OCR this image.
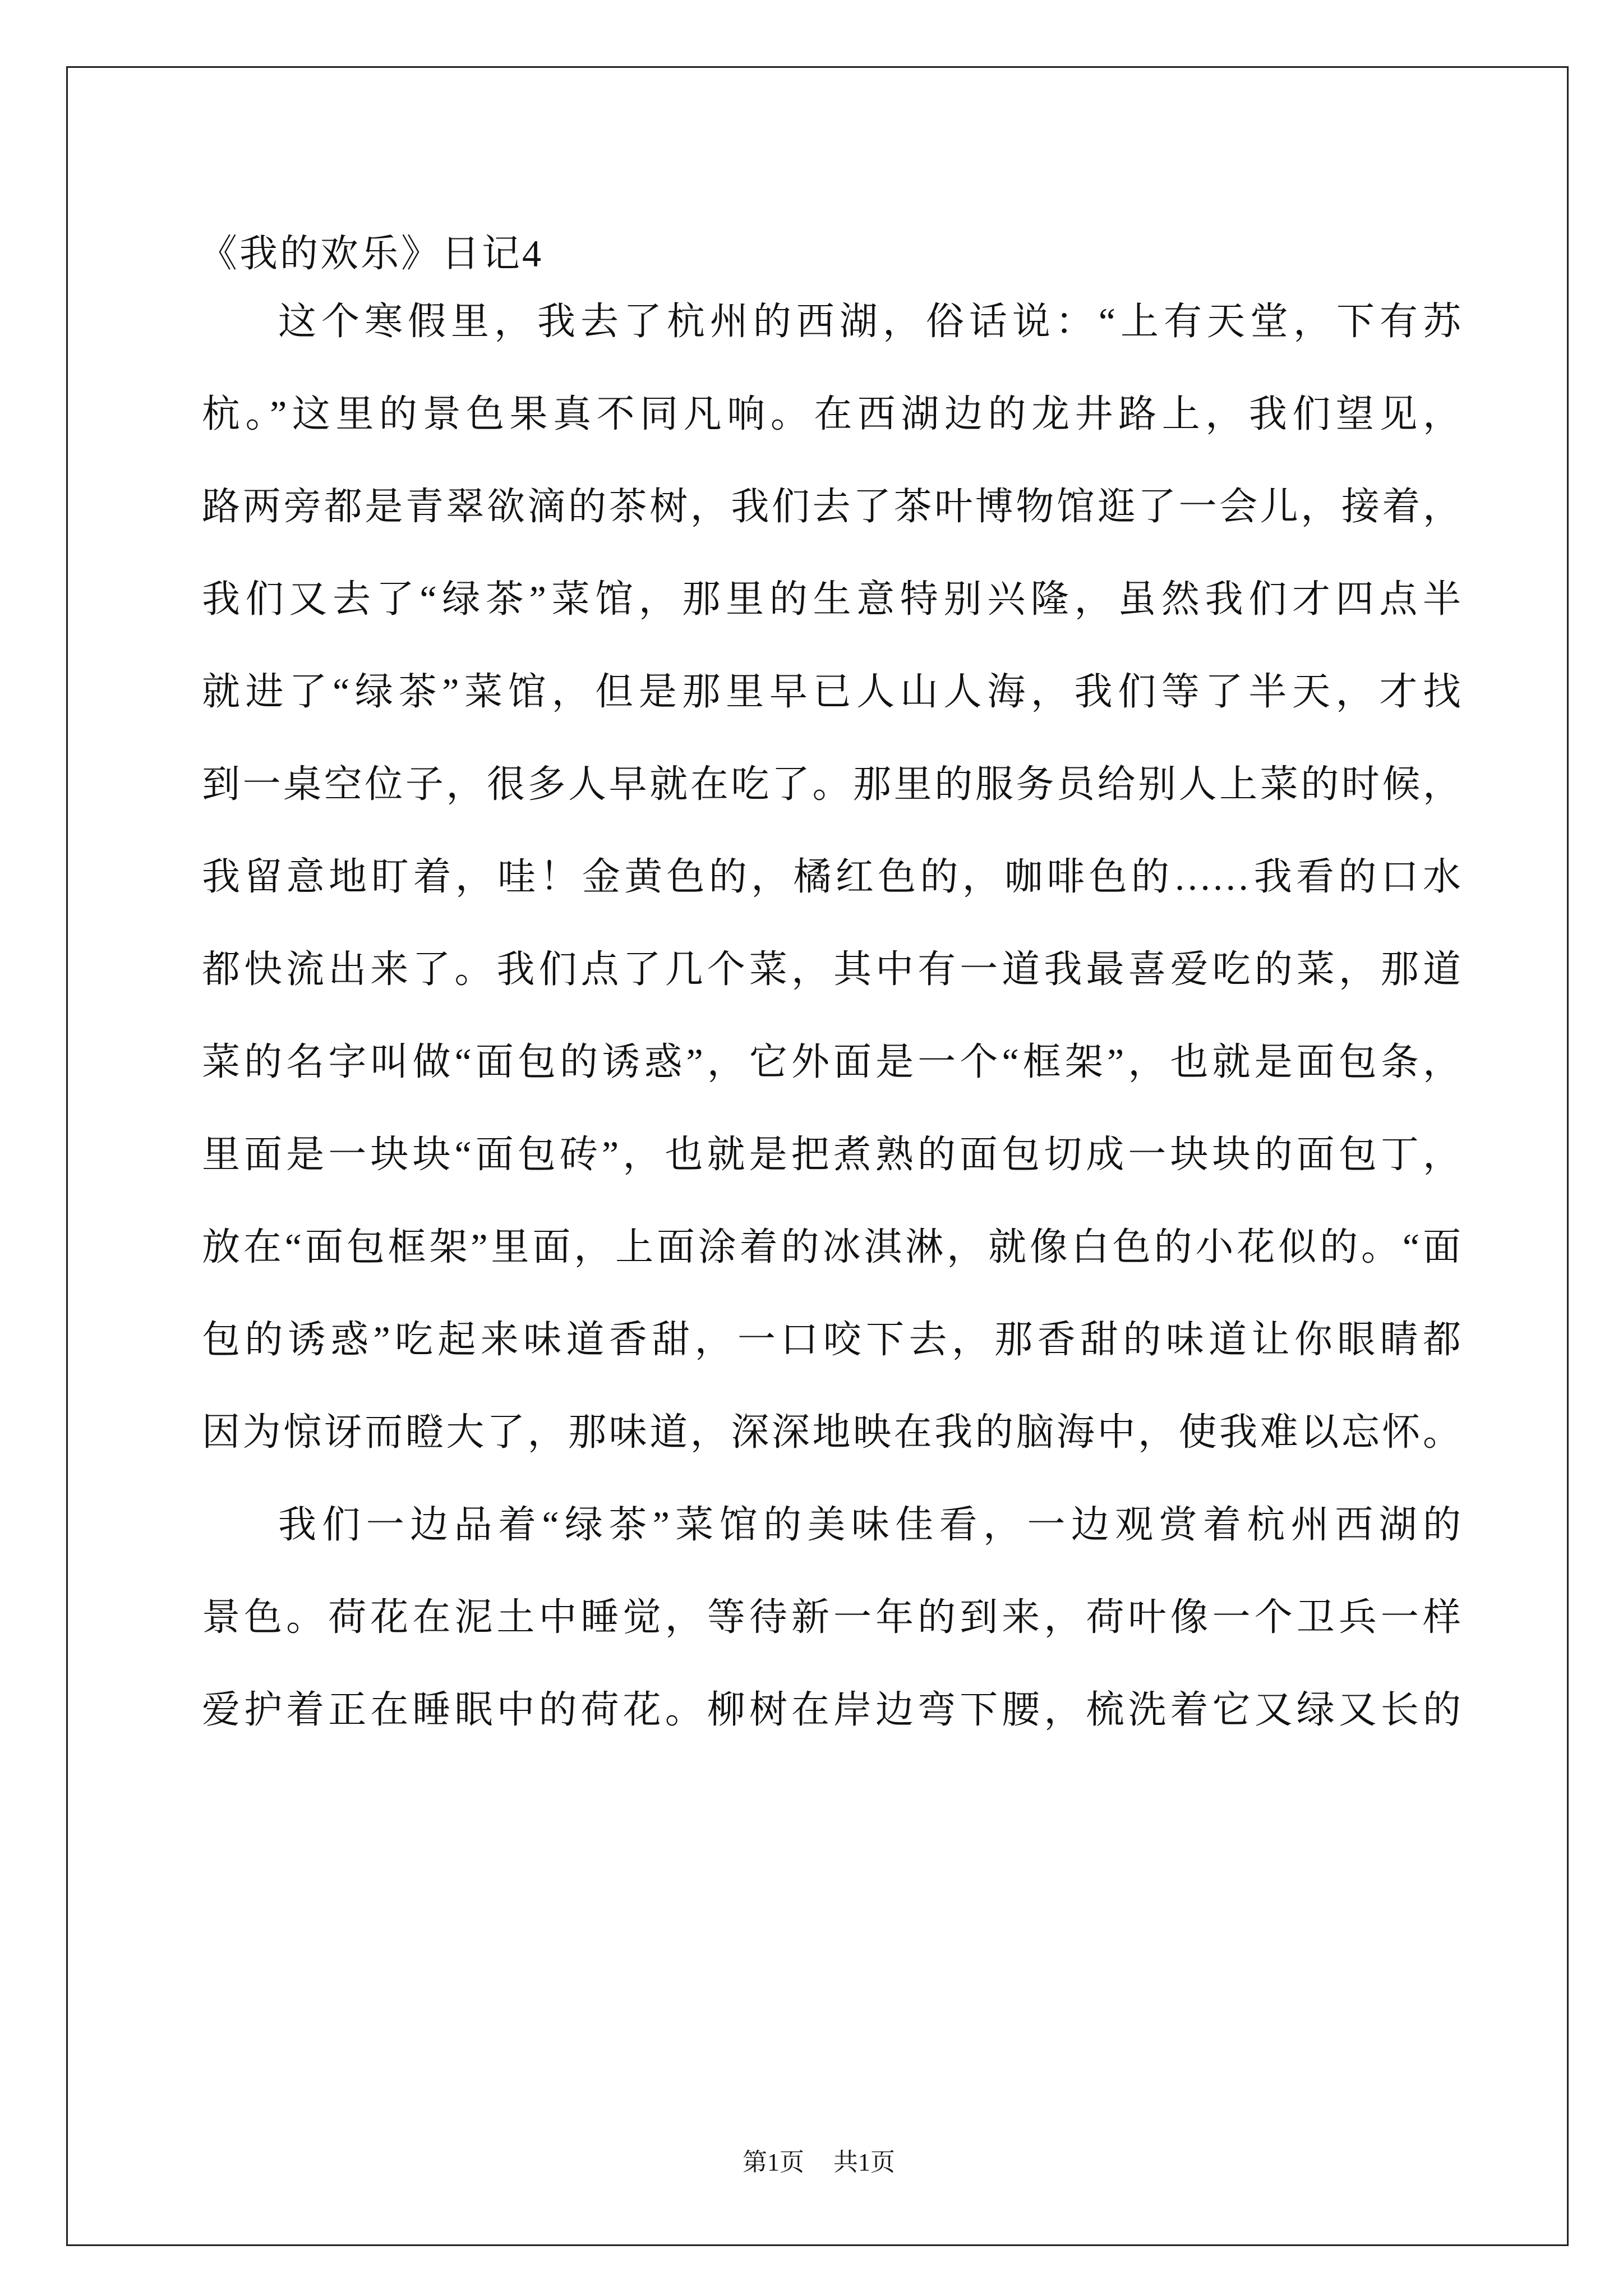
《我的欢乐》日记4
这个寒假里，我去了杭州的西湖，俗话说：“上有天堂，下有苏
杭。”这里的景色果真不同凡响。在西湖边的龙井路上，我们望见，
路两旁都是青翠欲滴的茶树，我们去了茶叶博物馆逛了一会儿，接着，
我们又去了“绿茶”菜馆，那里的生意特别兴隆，虽然我们才四点半
就进了“绿茶”菜馆，但是那里早已人山人海，我们等了半天，才找
到一桌空位子，很多人早就在吃了。那里的服务员给别人上菜的时候，
我留意地盯着，哇！金黄色的，橘红色的，咖啡色的……我看的口水
都快流出来了。我们点了几个菜，其中有一道我最喜爱吃的菜，那道
菜的名字叫做“面包的诱惑”，它外面是一个“框架”，也就是面包条，
里面是一块块“面包砖”，也就是把煮熟的面包切成一块块的面包丁，
放在“面包框架”里面，上面涂着的冰淇淋，就像白色的小花似的。“面
包的诱惑”吃起来味道香甜，一口咬下去，那香甜的味道让你眼睛都
因为惊讶而瞪大了，那味道，深深地映在我的脑海中，使我难以忘怀。
我们一边品着“绿茶”菜馆的美味佳看，一边观赏着杭州西湖的
景色。荷花在泥土中睡觉，等待新一年的到来，荷叶像一个卫兵一样
爱护着正在睡眠中的荷花。柳树在岸边弯下腰，梳洗着它又绿又长的
第1页 共1页
